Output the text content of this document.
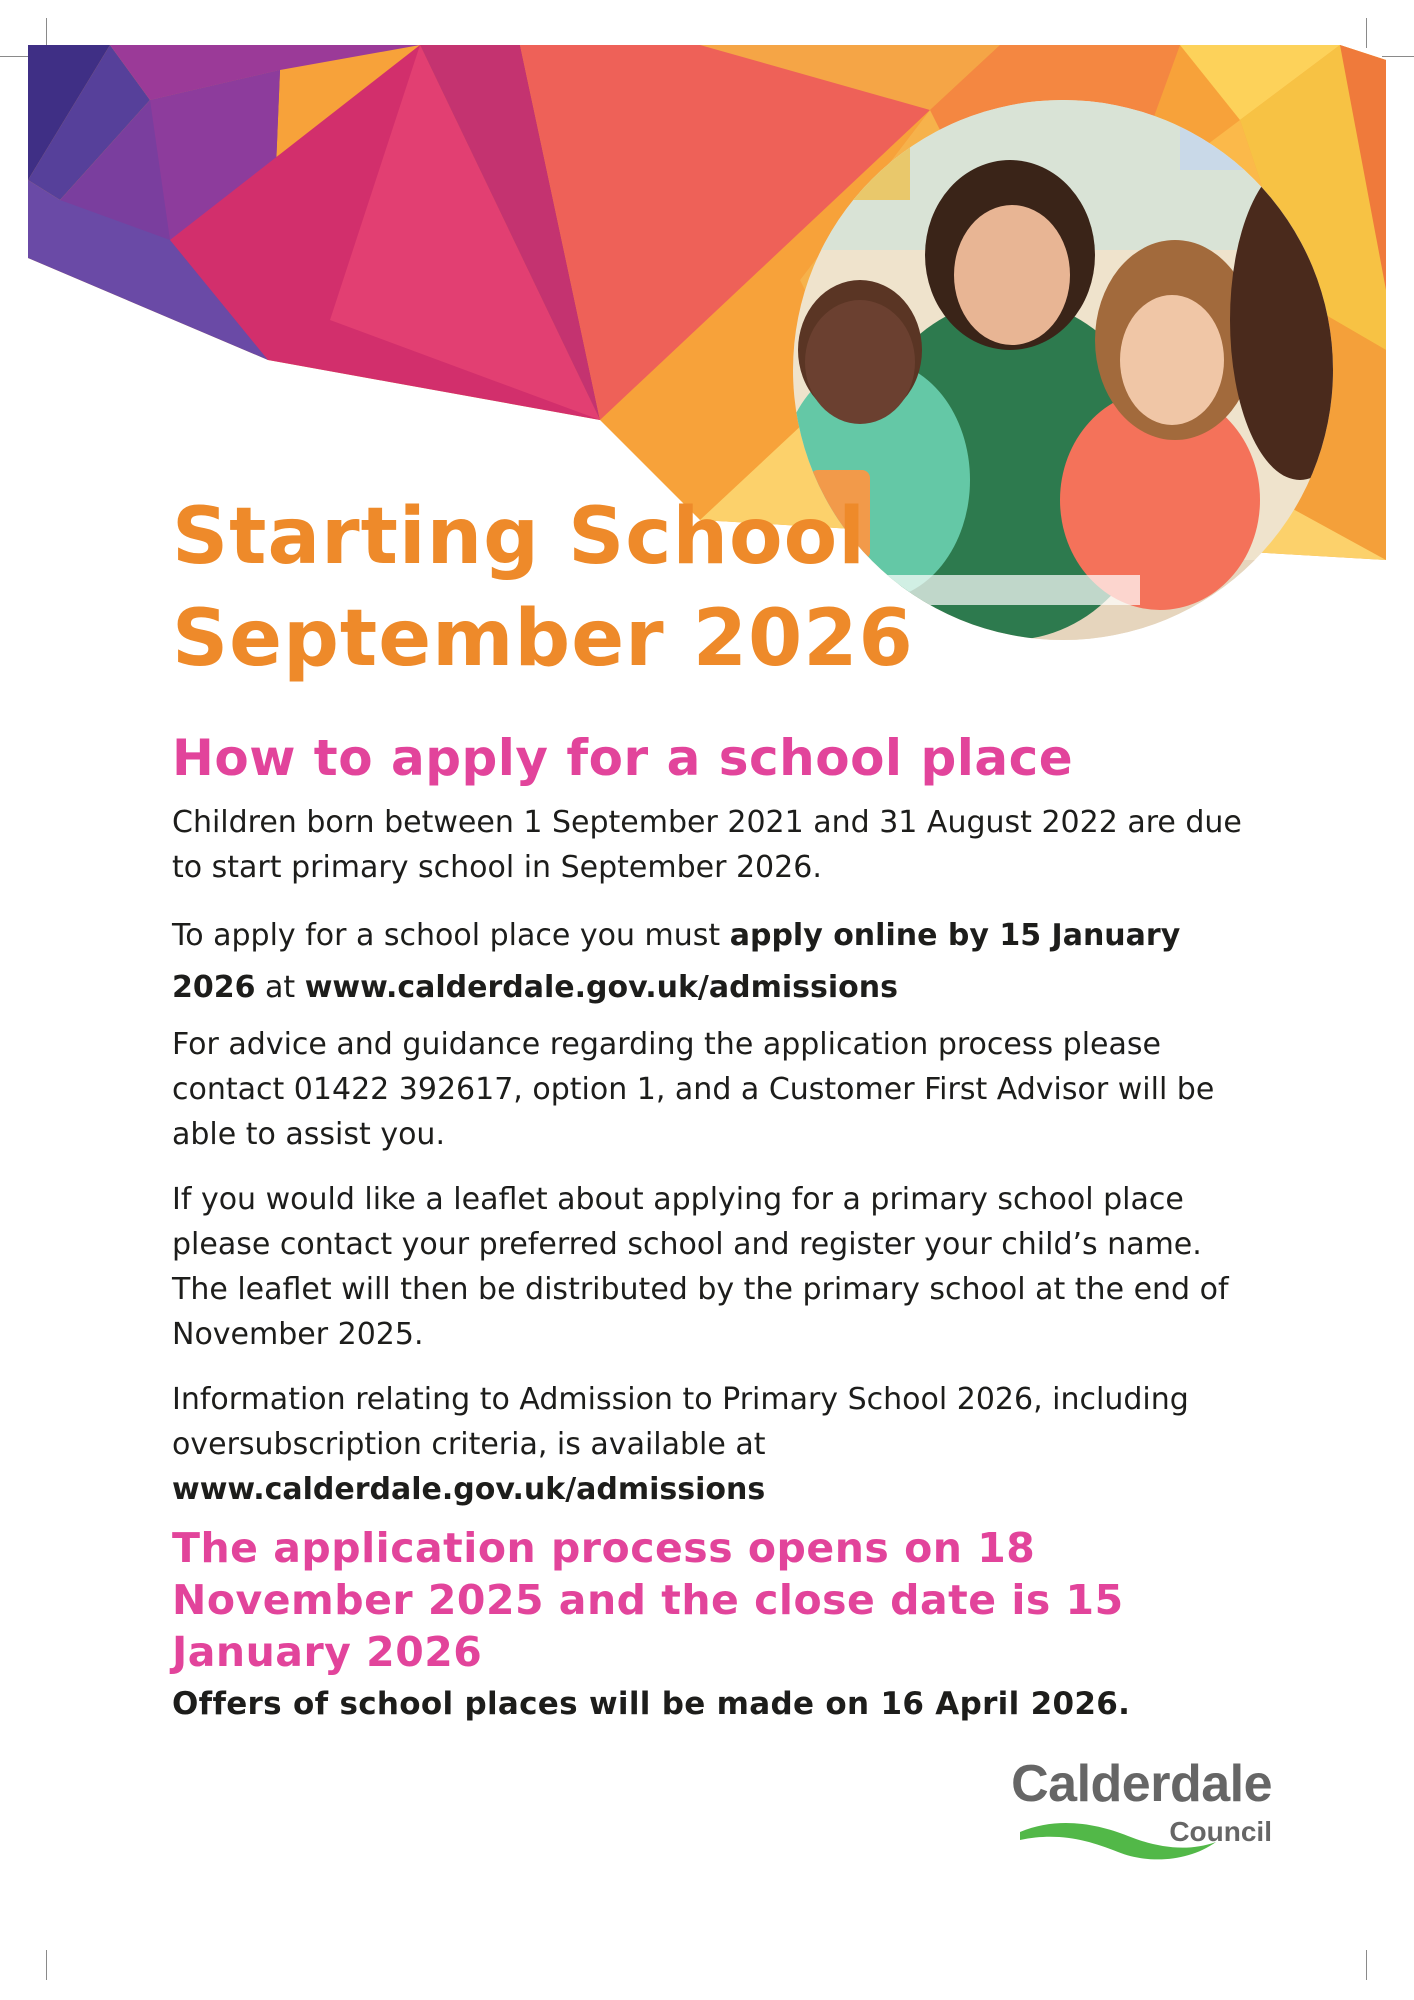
Starting School
September 2026
How to apply for a school place

Children born between 1 September 2021 and 31 August 2022 are due to start primary school in September 2026.

To apply for a school place you must apply online by 15 January 2026 at www.calderdale.gov.uk/admissions

For advice and guidance regarding the application process please contact 01422 392617, option 1, and a Customer First Advisor will be able to assist you.

If you would like a leaflet about applying for a primary school place please contact your preferred school and register your child’s name. The leaflet will then be distributed by the primary school at the end of November 2025.

Information relating to Admission to Primary School 2026, including oversubscription criteria, is available at www.calderdale.gov.uk/admissions

The application process opens on 18 November 2025 and the close date is 15 January 2026

Offers of school places will be made on 16 April 2026.

Calderdale
Council
